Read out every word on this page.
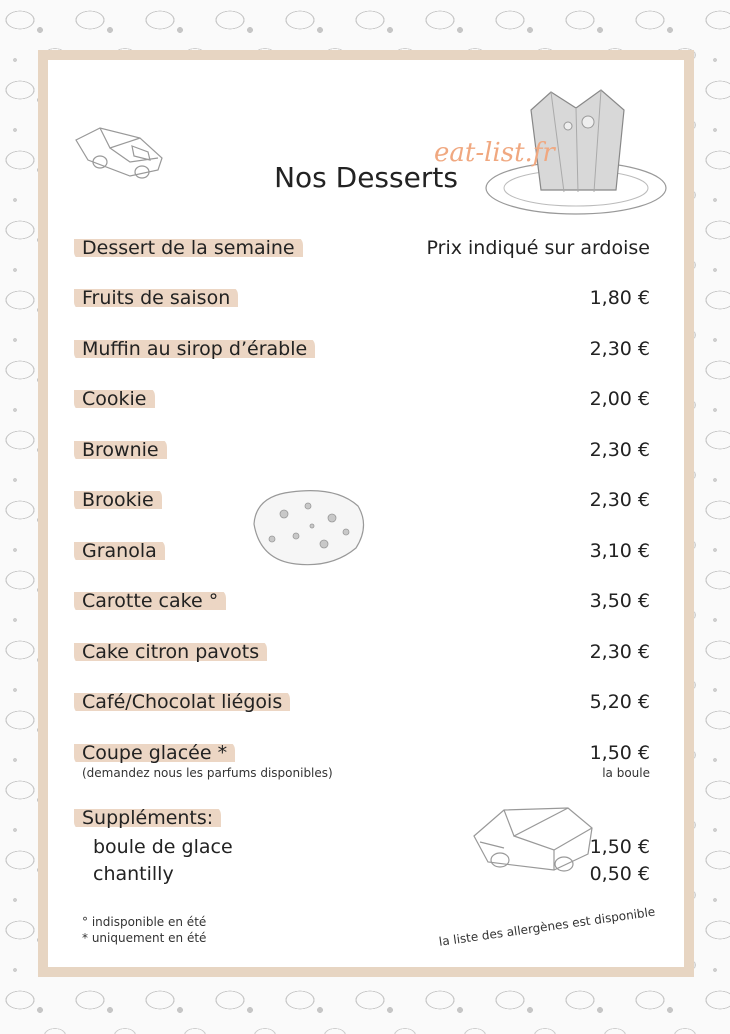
eat-list.fr
Nos Desserts
Dessert de la semaine	Prix indiqué sur ardoise
Fruits de saison	1,80 €
Muffin au sirop d’érable	2,30 €
Cookie	2,00 €
Brownie	2,30 €
Brookie	2,30 €
Granola	3,10 €
Carotte cake °	3,50 €
Cake citron pavots	2,30 €
Café/Chocolat liégois	5,20 €
Coupe glacée *	1,50 €
(demandez nous les parfums disponibles)	la boule
Suppléments:
boule de glace	1,50 €
chantilly	0,50 €
° indisponible en été
* uniquement en été	la liste des allergènes est disponible
